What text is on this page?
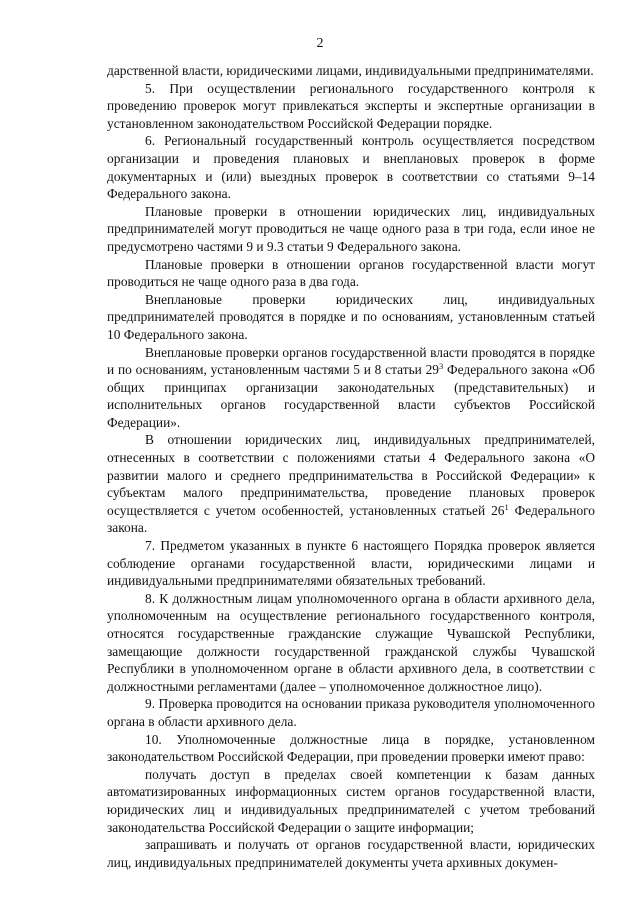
2

дарственной власти, юридическими лицами, индивидуальными предпринимателями.

5. При осуществлении регионального государственного контроля к проведению проверок могут привлекаться эксперты и экспертные организации в установленном законодательством Российской Федерации порядке.

6. Региональный государственный контроль осуществляется посредством организации и проведения плановых и внеплановых проверок в форме документарных и (или) выездных проверок в соответствии со статьями 9–14 Федерального закона.

Плановые проверки в отношении юридических лиц, индивидуальных предпринимателей могут проводиться не чаще одного раза в три года, если иное не предусмотрено частями 9 и 9.3 статьи 9 Федерального закона.

Плановые проверки в отношении органов государственной власти могут проводиться не чаще одного раза в два года.

Внеплановые проверки юридических лиц, индивидуальных предпринимателей проводятся в порядке и по основаниям, установленным статьей 10 Федерального закона.

Внеплановые проверки органов государственной власти проводятся в порядке и по основаниям, установленным частями 5 и 8 статьи $29^3$ Федерального закона «Об общих принципах организации законодательных (представительных) и исполнительных органов государственной власти субъектов Российской Федерации».

В отношении юридических лиц, индивидуальных предпринимателей, отнесенных в соответствии с положениями статьи 4 Федерального закона «О развитии малого и среднего предпринимательства в Российской Федерации» к субъектам малого предпринимательства, проведение плановых проверок осуществляется с учетом особенностей, установленных статьей $26^1$ Федерального закона.

7. Предметом указанных в пункте 6 настоящего Порядка проверок является соблюдение органами государственной власти, юридическими лицами и индивидуальными предпринимателями обязательных требований.

8. К должностным лицам уполномоченного органа в области архивного дела, уполномоченным на осуществление регионального государственного контроля, относятся государственные гражданские служащие Чувашской Республики, замещающие должности государственной гражданской службы Чувашской Республики в уполномоченном органе в области архивного дела, в соответствии с должностными регламентами (далее – уполномоченное должностное лицо).

9. Проверка проводится на основании приказа руководителя уполномоченного органа в области архивного дела.

10. Уполномоченные должностные лица в порядке, установленном законодательством Российской Федерации, при проведении проверки имеют право:

получать доступ в пределах своей компетенции к базам данных автоматизированных информационных систем органов государственной власти, юридических лиц и индивидуальных предпринимателей с учетом требований законодательства Российской Федерации о защите информации;

запрашивать и получать от органов государственной власти, юридических лиц, индивидуальных предпринимателей документы учета архивных докумен-
